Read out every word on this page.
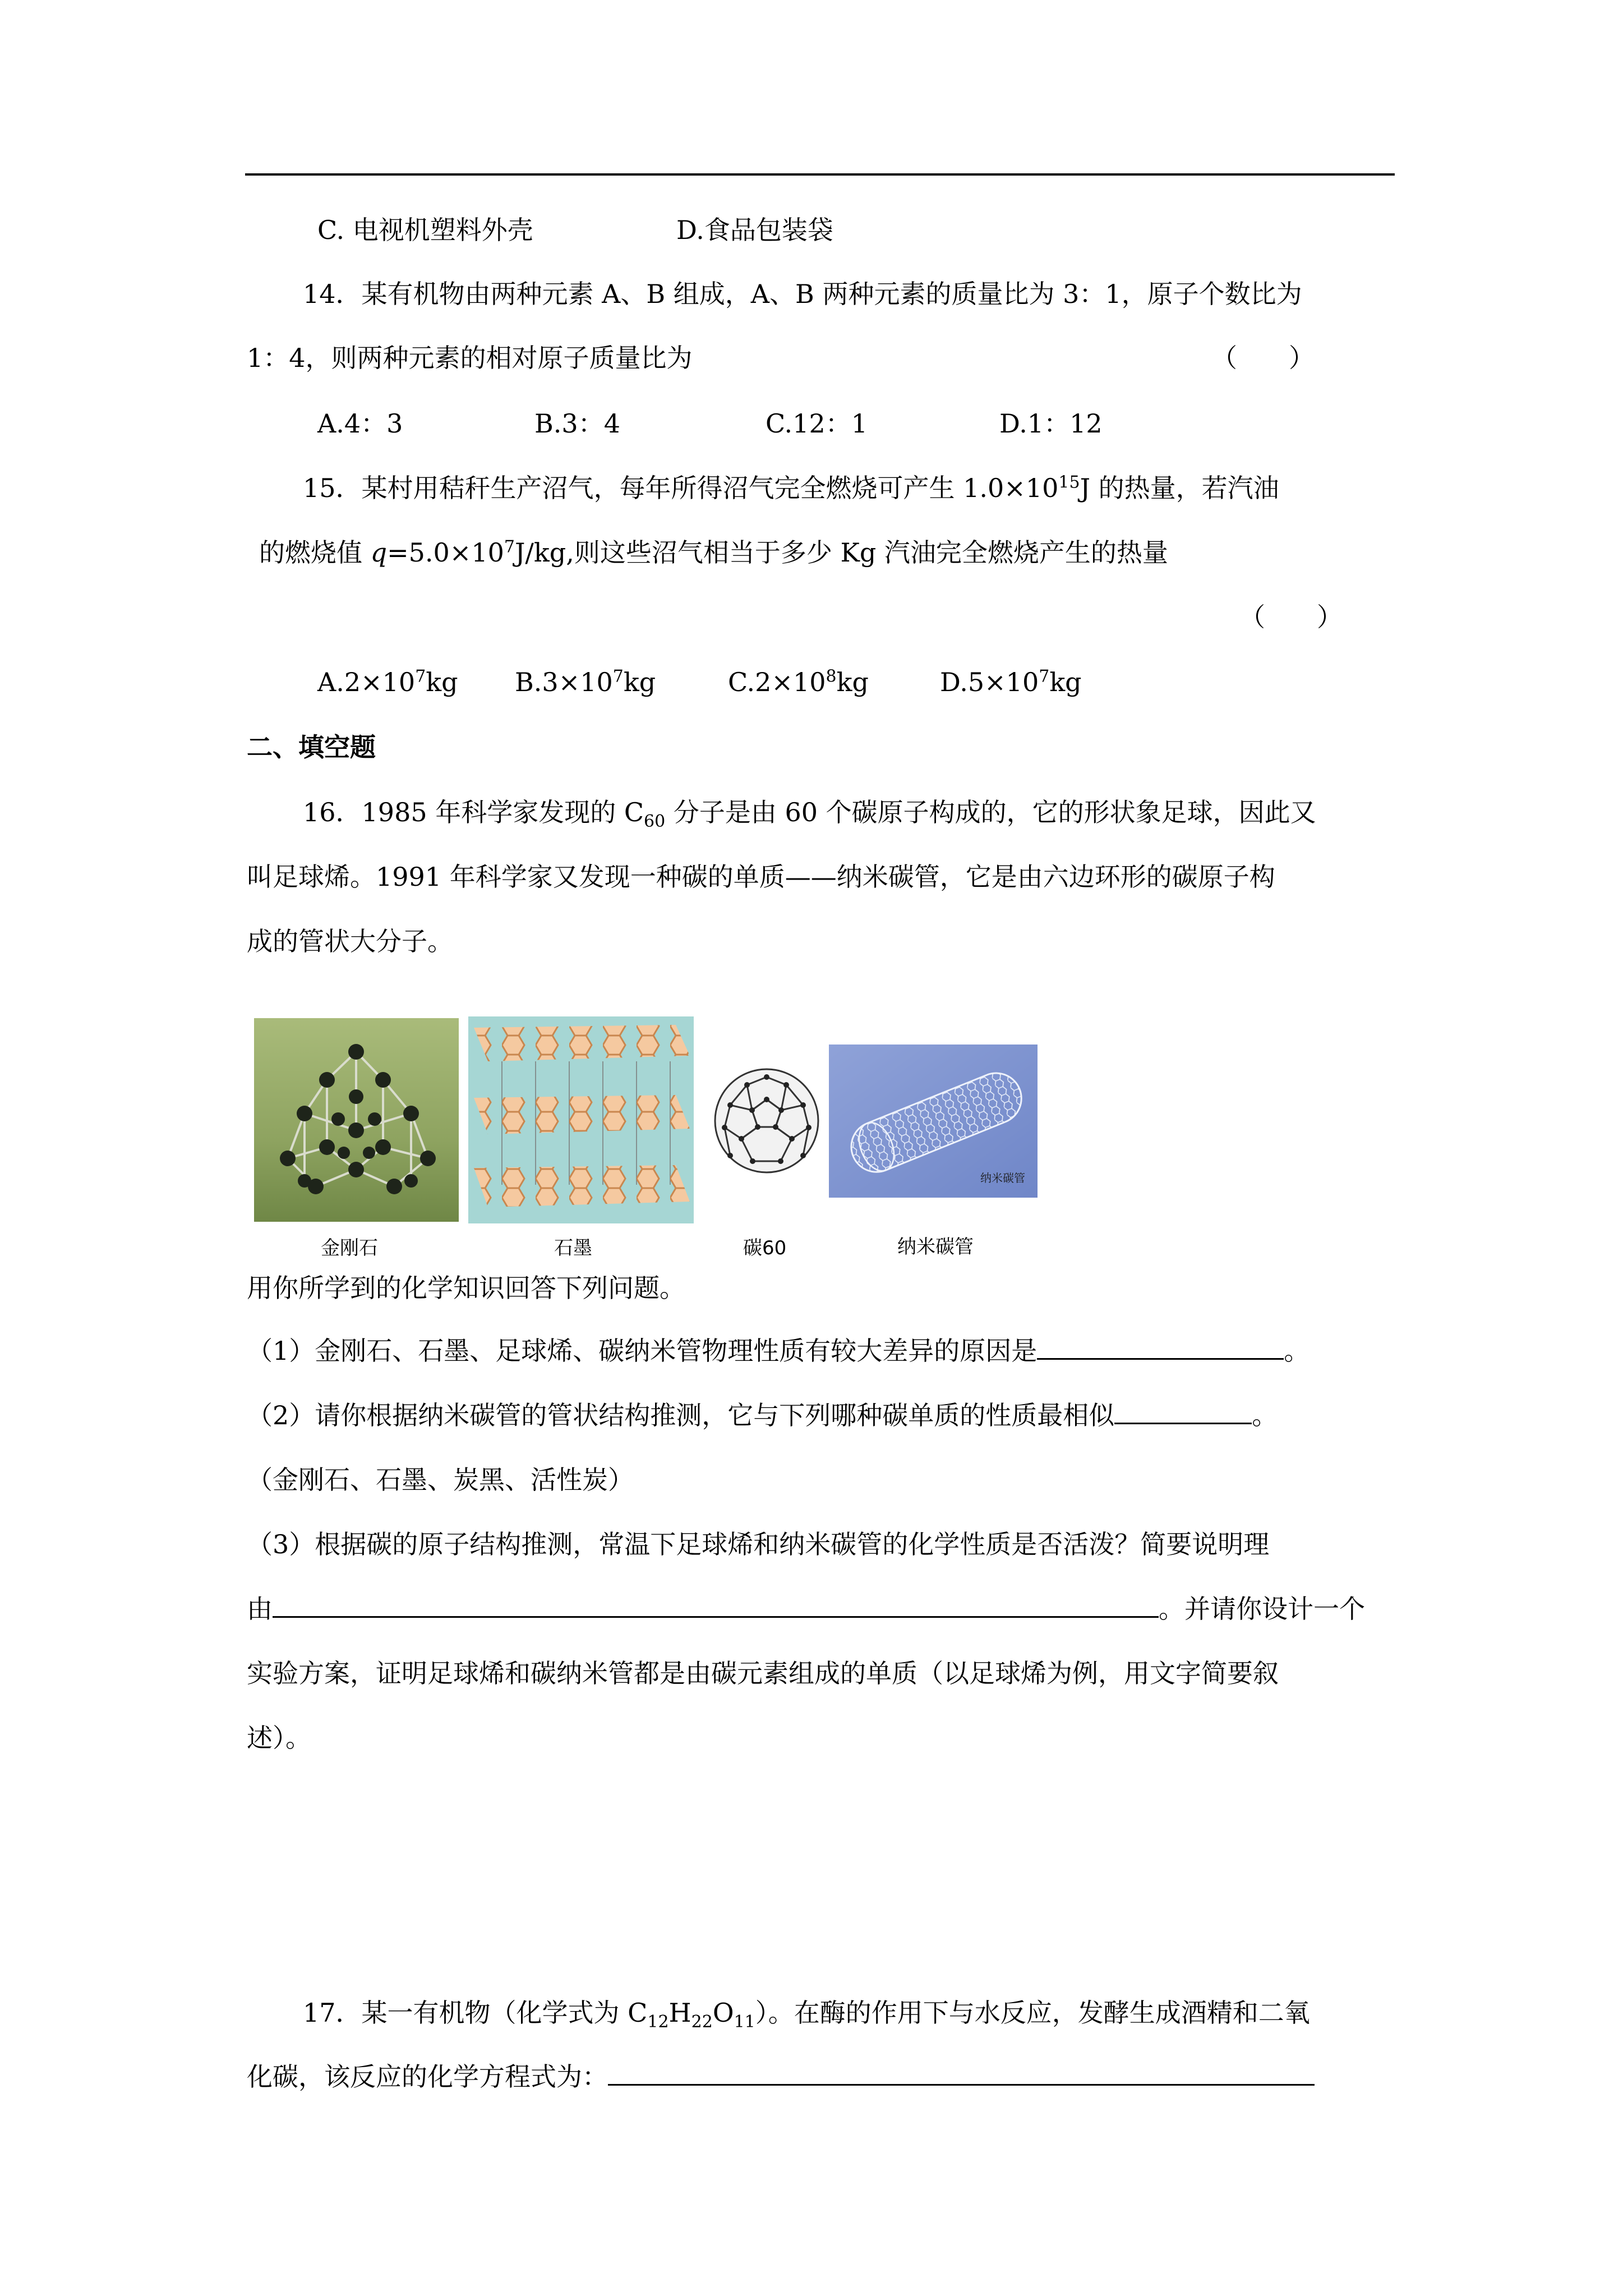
C. 电视机塑料外壳	D.食品包装袋
14．某有机物由两种元素 A、B 组成，A、B 两种元素的质量比为 3：1，原子个数比为
1：4，则两种元素的相对原子质量比为	（　　）
A.4：3	B.3：4	C.12：1	D.1：12
15．某村用秸秆生产沼气，每年所得沼气完全燃烧可产生 $1.0\times 10^{15}J$ 的热量，若汽油
的燃烧值 $q=5.0\times 10^7J/kg$,则这些沼气相当于多少 Kg 汽油完全燃烧产生的热量
（　　）
$A.2\times 10^7kg$ $B.3\times 10^7kg$	$C.2\times 10^8kg$	$D.5\times 10^7kg$
二、填空题
16．1985 年科学家发现的 $C_{60}$ 分子是由 60 个碳原子构成的，它的形状象足球，因此又
叫足球烯。1991 年科学家又发现一种碳的单质——纳米碳管，它是由六边环形的碳原子构
成的管状大分子。
纳米碳管
金刚石	石墨	碳60	纳米碳管
用你所学到的化学知识回答下列问题。
（1）金刚石、石墨、足球烯、碳纳米管物理性质有较大差异的原因是	。
（2）请你根据纳米碳管的管状结构推测，它与下列哪种碳单质的性质最相似	。
（金刚石、石墨、炭黑、活性炭）
（3）根据碳的原子结构推测，常温下足球烯和纳米碳管的化学性质是否活泼？简要说明理
由	。并请你设计一个
实验方案，证明足球烯和碳纳米管都是由碳元素组成的单质（以足球烯为例，用文字简要叙
述）。
17．某一有机物（化学式为 $C_{12}H_{22}O_{11}$）。在酶的作用下与水反应，发酵生成酒精和二氧
化碳，该反应的化学方程式为：
